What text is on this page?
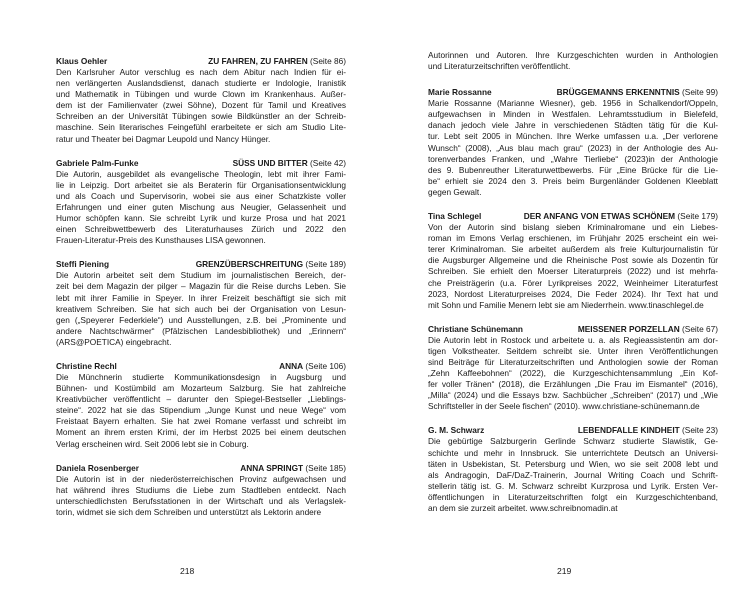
Klaus Oehler	ZU FAHREN, ZU FAHREN (Seite 86)

Den Karlsruher Autor verschlug es nach dem Abitur nach Indien für ei-
nen verlängerten Auslandsdienst, danach studierte er Indologie, Iranistik
und Mathematik in Tübingen und wurde Clown im Krankenhaus. Außer-
dem ist der Familienvater (zwei Söhne), Dozent für Tamil und Kreatives
Schreiben an der Universität Tübingen sowie Bildkünstler an der Schreib-
maschine. Sein literarisches Feingefühl erarbeitete er sich am Studio Lite-
ratur und Theater bei Dagmar Leupold und Nancy Hünger.

Gabriele Palm-Funke	SÜSS UND BITTER (Seite 42)

Die Autorin, ausgebildet als evangelische Theologin, lebt mit ihrer Fami-
lie in Leipzig. Dort arbeitet sie als Beraterin für Organisationsentwicklung
und als Coach und Supervisorin, wobei sie aus einer Schatzkiste voller
Erfahrungen und einer guten Mischung aus Neugier, Gelassenheit und
Humor schöpfen kann. Sie schreibt Lyrik und kurze Prosa und hat 2021
einen Schreibwettbewerb des Literaturhauses Zürich und 2022 den
Frauen-Literatur-Preis des Kunsthauses LISA gewonnen.

Steffi Piening	GRENZÜBERSCHREITUNG (Seite 189)

Die Autorin arbeitet seit dem Studium im journalistischen Bereich, der-
zeit bei dem Magazin der pilger – Magazin für die Reise durchs Leben. Sie
lebt mit ihrer Familie in Speyer. In ihrer Freizeit beschäftigt sie sich mit
kreativem Schreiben. Sie hat sich auch bei der Organisation von Lesun-
gen („Speyerer Federkiele“) und Ausstellungen, z.B. bei „Prominente und
andere Nachtschwärmer“ (Pfälzischen Landesbibliothek) und „Erinnern“
(ARS@POETICA) eingebracht.

Christine Rechl	ANNA (Seite 106)

Die Münchnerin studierte Kommunikationsdesign in Augsburg und
Bühnen- und Kostümbild am Mozarteum Salzburg. Sie hat zahlreiche
Kreativbücher veröffentlicht – darunter den Spiegel-Bestseller „Lieblings-
steine“. 2022 hat sie das Stipendium „Junge Kunst und neue Wege“ vom
Freistaat Bayern erhalten. Sie hat zwei Romane verfasst und schreibt im
Moment an ihrem ersten Krimi, der im Herbst 2025 bei einem deutschen
Verlag erscheinen wird. Seit 2006 lebt sie in Coburg.

Daniela Rosenberger	ANNA SPRINGT (Seite 185)

Die Autorin ist in der niederösterreichischen Provinz aufgewachsen und
hat während ihres Studiums die Liebe zum Stadtleben entdeckt. Nach
unterschiedlichsten Berufsstationen in der Wirtschaft und als Verlagslek-
torin, widmet sie sich dem Schreiben und unterstützt als Lektorin andere

218

Autorinnen und Autoren. Ihre Kurzgeschichten wurden in Anthologien
und Literaturzeitschriften veröffentlicht.

Marie Rossanne	BRÜGGEMANNS ERKENNTNIS (Seite 99)

Marie Rossanne (Marianne Wiesner), geb. 1956 in Schalkendorf/Oppeln,
aufgewachsen in Minden in Westfalen. Lehramtsstudium in Bielefeld,
danach jedoch viele Jahre in verschiedenen Städten tätig für die Kul-
tur. Lebt seit 2005 in München. Ihre Werke umfassen u.a. „Der verlorene
Wunsch“ (2008), „Aus blau mach grau“ (2023) in der Anthologie des Au-
torenverbandes Franken, und „Wahre Tierliebe“ (2023)in der Anthologie
des 9. Bubenreuther Literaturwettbewerbs. Für „Eine Brücke für die Lie-
be“ erhielt sie 2024 den 3. Preis beim Burgenländer Goldenen Kleeblatt
gegen Gewalt.

Tina Schlegel	DER ANFANG VON ETWAS SCHÖNEM (Seite 179)

Von der Autorin sind bislang sieben Kriminalromane und ein Liebes-
roman im Emons Verlag erschienen, im Frühjahr 2025 erscheint ein wei-
terer Kriminalroman. Sie arbeitet außerdem als freie Kulturjournalistin für
die Augsburger Allgemeine und die Rheinische Post sowie als Dozentin für
Schreiben. Sie erhielt den Moerser Literaturpreis (2022) und ist mehrfa-
che Preisträgerin (u.a. Förer Lyrikpreises 2022, Weinheimer Literaturfest
2023, Nordost Literaturpreises 2024, Die Feder 2024). Ihr Text hat und
mit Sohn und Familie Menern lebt sie am Niederrhein. www.tinaschlegel.de

Christiane Schünemann	MEISSENER PORZELLAN (Seite 67)

Die Autorin lebt in Rostock und arbeitete u. a. als Regieassistentin am dor-
tigen Volkstheater. Seitdem schreibt sie. Unter ihren Veröffentlichungen
sind Beiträge für Literaturzeitschriften und Anthologien sowie der Roman
„Zehn Kaffeebohnen“ (2022), die Kurzgeschichtensammlung „Ein Kof-
fer voller Tränen“ (2018), die Erzählungen „Die Frau im Eismantel“ (2016),
„Milla“ (2024) und die Essays bzw. Sachbücher „Schreiben“ (2017) und „Wie
Schriftsteller in der Seele fischen“ (2010). www.christiane-schünemann.de

G. M. Schwarz	LEBENDFALLE KINDHEIT (Seite 23)

Die gebürtige Salzburgerin Gerlinde Schwarz studierte Slawistik, Ge-
schichte und mehr in Innsbruck. Sie unterrichtete Deutsch an Universi-
täten in Usbekistan, St. Petersburg und Wien, wo sie seit 2008 lebt und
als Andragogin, DaF/DaZ-Trainerin, Journal Writing Coach und Schrift-
stellerin tätig ist. G. M. Schwarz schreibt Kurzprosa und Lyrik. Ersten Ver-
öffentlichungen in Literaturzeitschriften folgt ein Kurzgeschichtenband,
an dem sie zurzeit arbeitet. www.schreibnomadin.at

219
